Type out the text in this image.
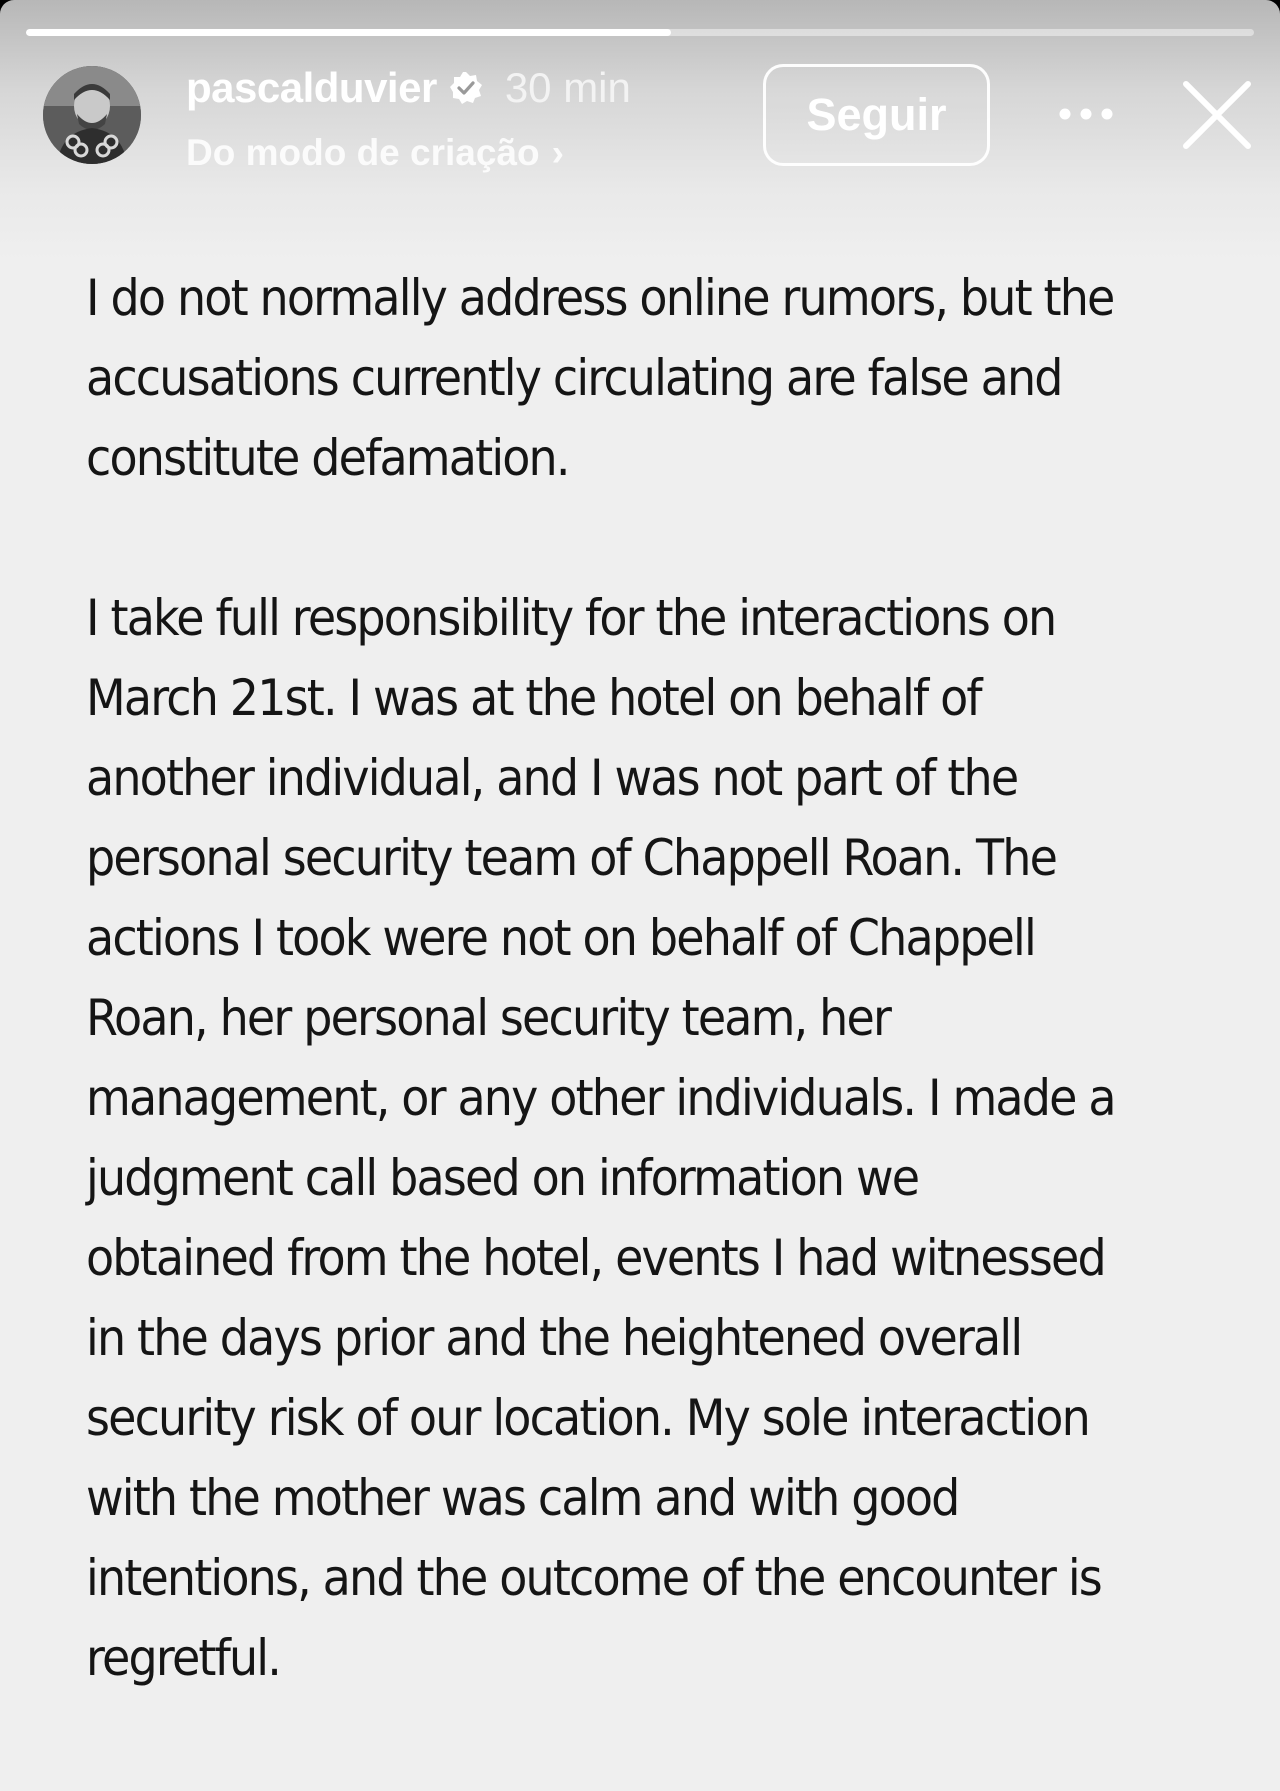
pascalduvier 30 min
Do modo de criação ›
Seguir

I do not normally address online rumors, but the accusations currently circulating are false and constitute defamation.

I take full responsibility for the interactions on March 21st. I was at the hotel on behalf of another individual, and I was not part of the personal security team of Chappell Roan. The actions I took were not on behalf of Chappell Roan, her personal security team, her management, or any other individuals. I made a judgment call based on information we obtained from the hotel, events I had witnessed in the days prior and the heightened overall security risk of our location. My sole interaction with the mother was calm and with good intentions, and the outcome of the encounter is regretful.
